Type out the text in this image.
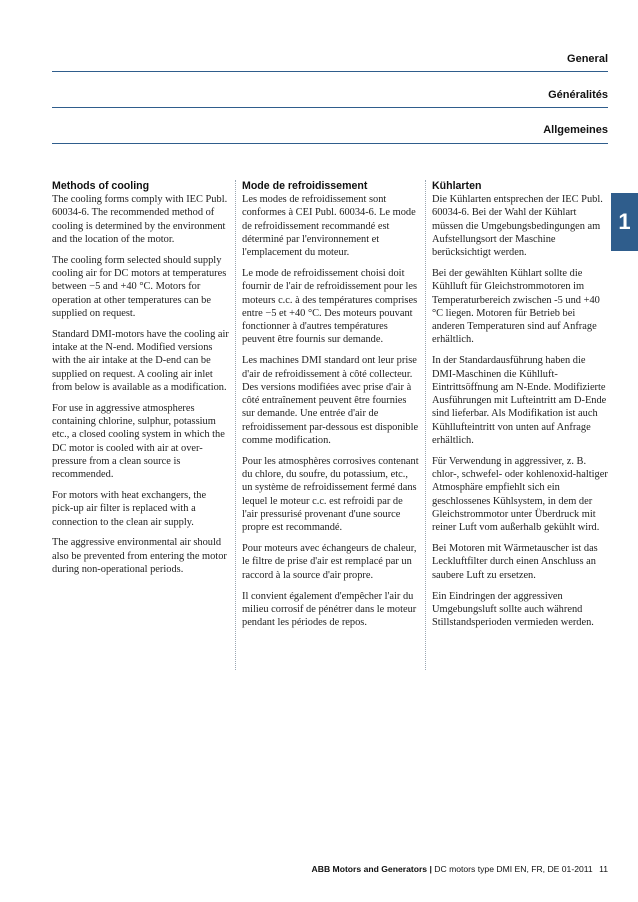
General
Généralités
Allgemeines
Methods of cooling

The cooling forms comply with IEC Publ. 60034-6. The recommended method of cooling is determined by the environment and the location of the motor.

The cooling form selected should supply cooling air for DC motors at temperatures between −5 and +40 °C. Motors for operation at other temperatures can be supplied on request.

Standard DMI-motors have the cooling air intake at the N-end. Modified versions with the air intake at the D-end can be supplied on request. A cooling air inlet from below is available as a modification.

For use in aggressive atmospheres containing chlorine, sulphur, potassium etc., a closed cooling system in which the DC motor is cooled with air at over-pressure from a clean source is recommended.

For motors with heat exchangers, the pick-up air filter is replaced with a connection to the clean air supply.

The aggressive environmental air should also be prevented from entering the motor during non-operational periods.

Mode de refroidissement

Les modes de refroidissement sont conformes à CEI Publ. 60034-6. Le mode de refroidissement recommandé est déterminé par l'environnement et l'emplacement du moteur.

Le mode de refroidissement choisi doit fournir de l'air de refroidissement pour les moteurs c.c. à des températures comprises entre −5 et +40 °C. Des moteurs pouvant fonctionner à d'autres températures peuvent être fournis sur demande.

Les machines DMI standard ont leur prise d'air de refroidissement à côté collecteur. Des versions modifiées avec prise d'air à côté entraînement peuvent être fournies sur demande. Une entrée d'air de refroidissement par-dessous est disponible comme modification.

Pour les atmosphères corrosives contenant du chlore, du soufre, du potassium, etc., un système de refroidissement fermé dans lequel le moteur c.c. est refroidi par de l'air pressurisé provenant d'une source propre est recommandé.

Pour moteurs avec échangeurs de chaleur, le filtre de prise d'air est remplacé par un raccord à la source d'air propre.

Il convient également d'empêcher l'air du milieu corrosif de pénétrer dans le moteur pendant les périodes de repos.

Kühlarten

Die Kühlarten entsprechen der IEC Publ. 60034-6. Bei der Wahl der Kühlart müssen die Umgebungsbedingungen am Aufstellungsort der Maschine berücksichtigt werden.

Bei der gewählten Kühlart sollte die Kühlluft für Gleichstrommotoren im Temperaturbereich zwischen -5 und +40 °C liegen. Motoren für Betrieb bei anderen Temperaturen sind auf Anfrage erhältlich.

In der Standardausführung haben die DMI-Maschinen die Kühlluft-Eintrittsöffnung am N-Ende. Modifizierte Ausführungen mit Lufteintritt am D-Ende sind lieferbar. Als Modifikation ist auch Kühllufteintritt von unten auf Anfrage erhältlich.

Für Verwendung in aggressiver, z. B. chlor-, schwefel- oder kohlenoxid-haltiger Atmosphäre empfiehlt sich ein geschlossenes Kühlsystem, in dem der Gleichstrommotor unter Überdruck mit reiner Luft vom außerhalb gekühlt wird.

Bei Motoren mit Wärmetauscher ist das Leckluftfilter durch einen Anschluss an saubere Luft zu ersetzen.

Ein Eindringen der aggressiven Umgebungsluft sollte auch während Stillstandsperioden vermieden werden.

1
ABB Motors and Generators | DC motors type DMI EN, FR, DE 01-2011 11
